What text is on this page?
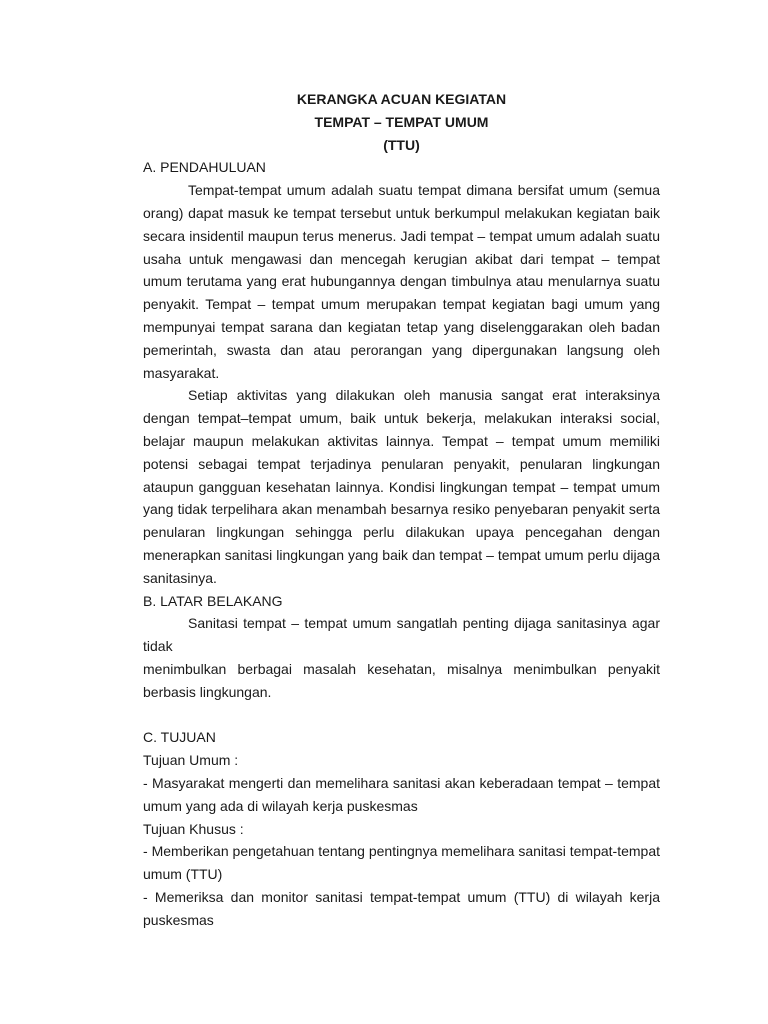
KERANGKA ACUAN KEGIATAN

TEMPAT – TEMPAT UMUM

(TTU)

A. PENDAHULUAN

Tempat-tempat umum adalah suatu tempat dimana bersifat umum (semua orang) dapat masuk ke tempat tersebut untuk berkumpul melakukan kegiatan baik secara insidentil maupun terus menerus. Jadi tempat – tempat umum adalah suatu usaha untuk mengawasi dan mencegah kerugian akibat dari tempat – tempat umum terutama yang erat hubungannya dengan timbulnya atau menularnya suatu penyakit. Tempat – tempat umum merupakan tempat kegiatan bagi umum yang mempunyai tempat sarana dan kegiatan tetap yang diselenggarakan oleh badan pemerintah, swasta dan atau perorangan yang dipergunakan langsung oleh masyarakat.

Setiap aktivitas yang dilakukan oleh manusia sangat erat interaksinya dengan tempat–tempat umum, baik untuk bekerja, melakukan interaksi social, belajar maupun melakukan aktivitas lainnya. Tempat – tempat umum memiliki potensi sebagai tempat terjadinya penularan penyakit, penularan lingkungan ataupun gangguan kesehatan lainnya. Kondisi lingkungan tempat – tempat umum yang tidak terpelihara akan menambah besarnya resiko penyebaran penyakit serta penularan lingkungan sehingga perlu dilakukan upaya pencegahan dengan menerapkan sanitasi lingkungan yang baik dan tempat – tempat umum perlu dijaga sanitasinya.

B. LATAR BELAKANG

Sanitasi tempat – tempat umum sangatlah penting dijaga sanitasinya agar tidak

menimbulkan berbagai masalah kesehatan, misalnya menimbulkan penyakit berbasis lingkungan.

C. TUJUAN

Tujuan Umum :

- Masyarakat mengerti dan memelihara sanitasi akan keberadaan tempat – tempat umum yang ada di wilayah kerja puskesmas

Tujuan Khusus :

- Memberikan pengetahuan tentang pentingnya memelihara sanitasi tempat-tempat umum (TTU)

- Memeriksa dan monitor sanitasi tempat-tempat umum (TTU) di wilayah kerja puskesmas
